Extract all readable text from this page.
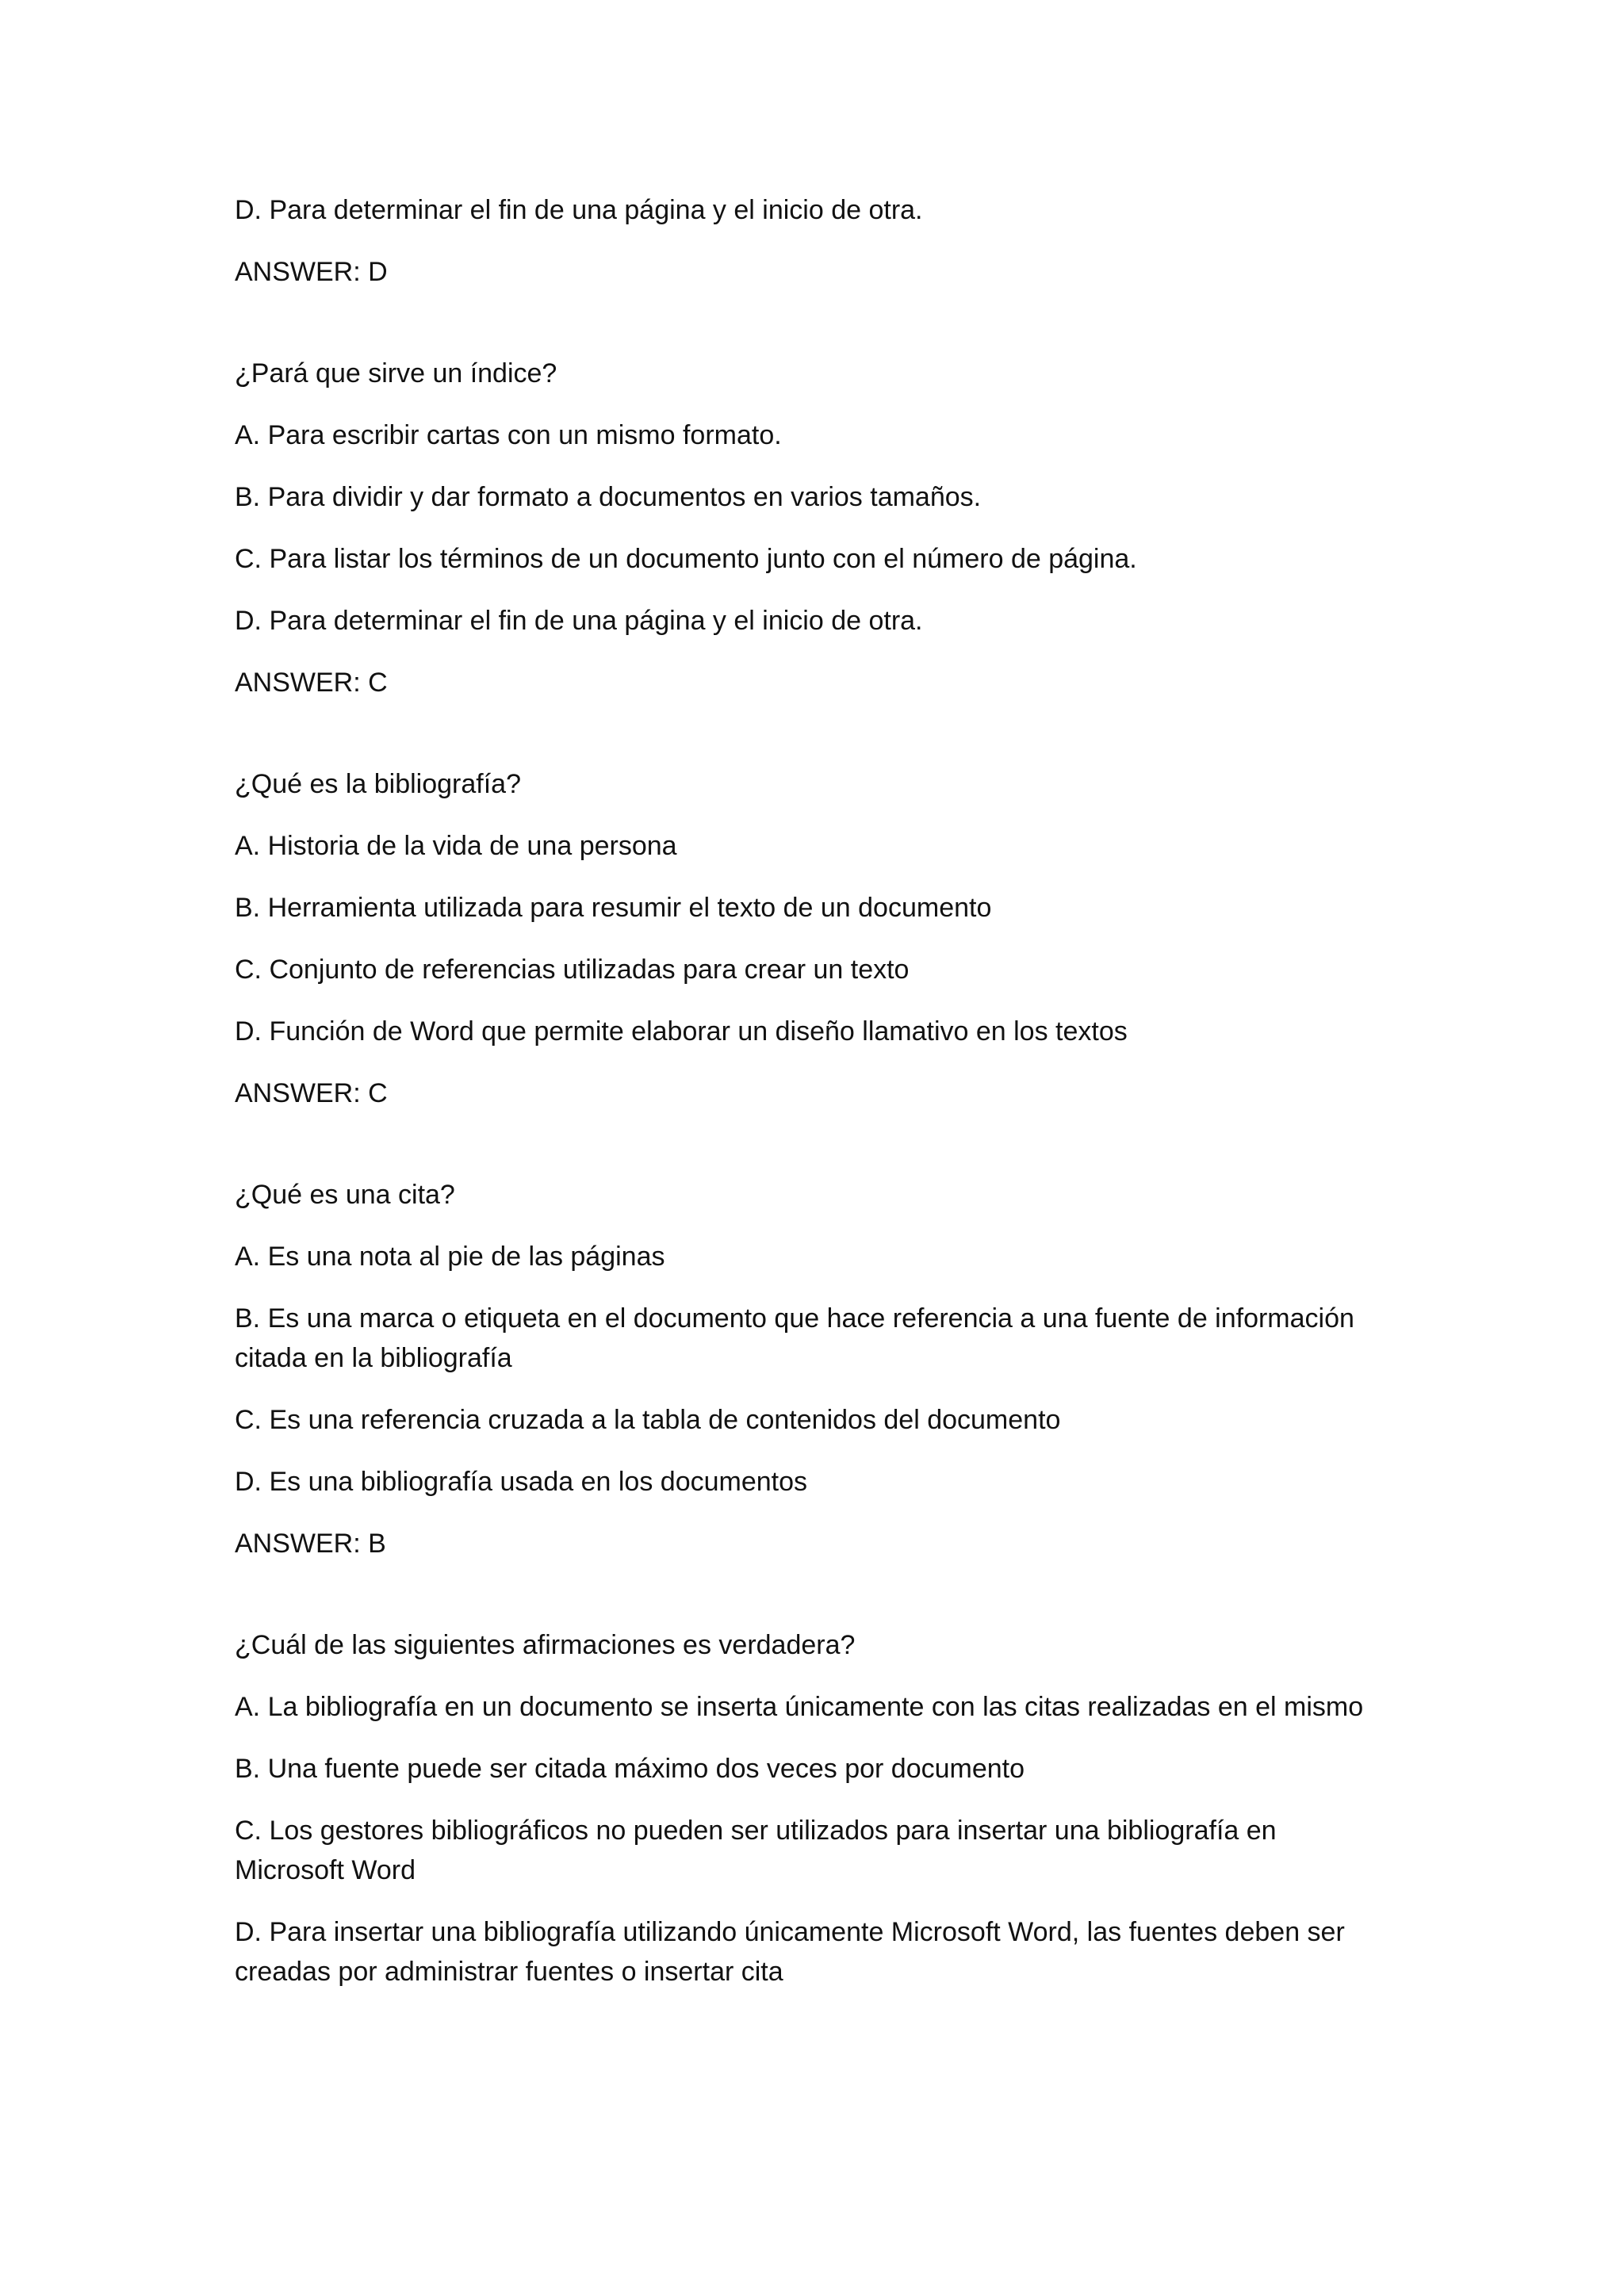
D. Para determinar el fin de una página y el inicio de otra.

ANSWER: D

¿Pará que sirve un índice?

A. Para escribir cartas con un mismo formato.

B. Para dividir y dar formato a documentos en varios tamaños.

C. Para listar los términos de un documento junto con el número de página.

D. Para determinar el fin de una página y el inicio de otra.

ANSWER: C

¿Qué es la bibliografía?

A. Historia de la vida de una persona

B. Herramienta utilizada para resumir el texto de un documento

C. Conjunto de referencias utilizadas para crear un texto

D. Función de Word que permite elaborar un diseño llamativo en los textos

ANSWER: C

¿Qué es una cita?

A. Es una nota al pie de las páginas

B. Es una marca o etiqueta en el documento que hace referencia a una fuente de información citada en la bibliografía

C. Es una referencia cruzada a la tabla de contenidos del documento

D. Es una bibliografía usada en los documentos

ANSWER: B

¿Cuál de las siguientes afirmaciones es verdadera?

A. La bibliografía en un documento se inserta únicamente con las citas realizadas en el mismo

B. Una fuente puede ser citada máximo dos veces por documento

C. Los gestores bibliográficos no pueden ser utilizados para insertar una bibliografía en Microsoft Word

D. Para insertar una bibliografía utilizando únicamente Microsoft Word, las fuentes deben ser creadas por administrar fuentes o insertar cita
